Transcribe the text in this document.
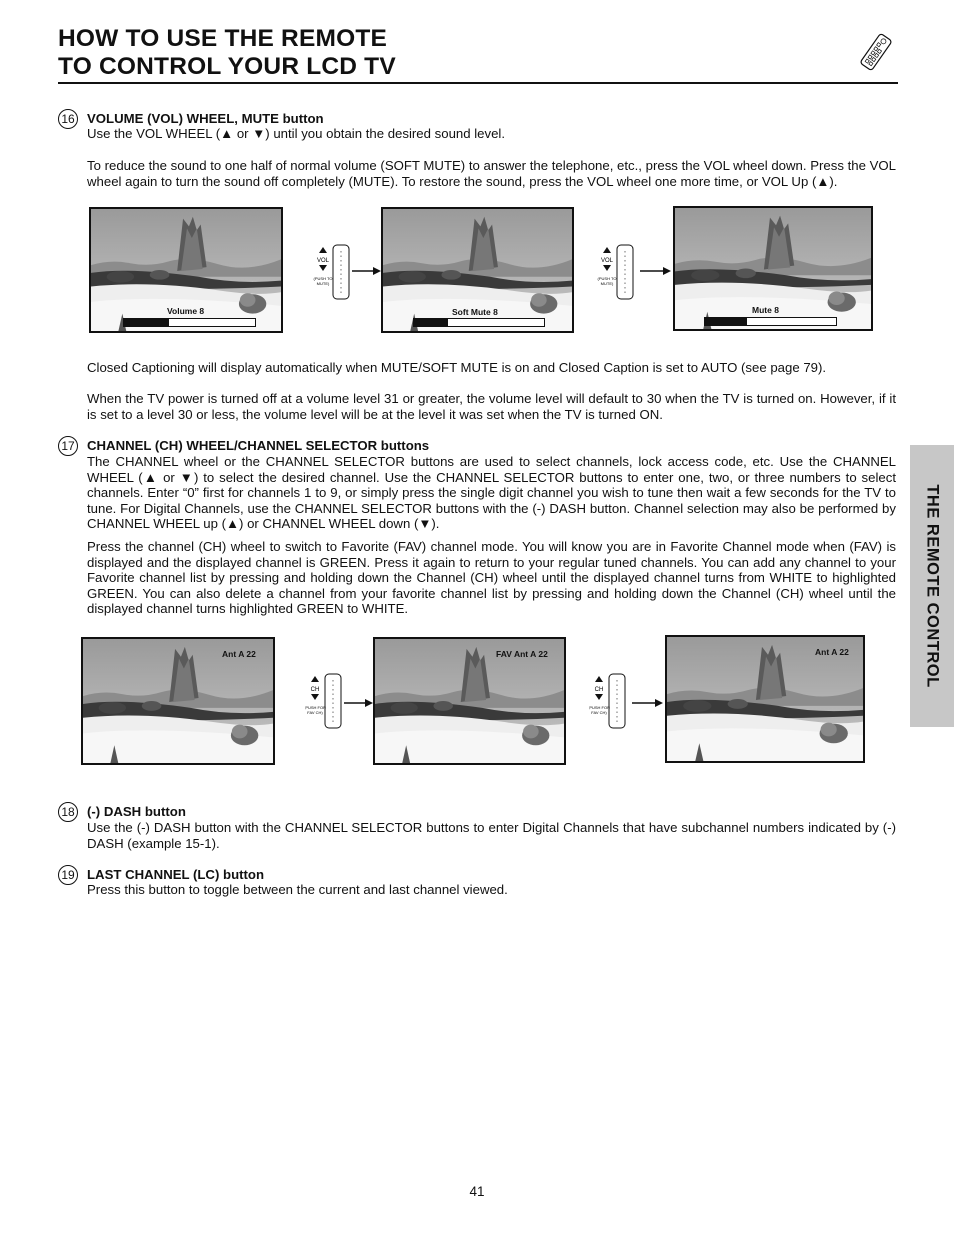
HOW TO USE THE REMOTE
TO CONTROL YOUR LCD TV
THE REMOTE CONTROL
16 VOLUME (VOL) WHEEL, MUTE button

Use the VOL WHEEL (▲ or ▼) until you obtain the desired sound level.

To reduce the sound to one half of normal volume (SOFT MUTE) to answer the telephone, etc., press the VOL wheel down. Press the VOL wheel again to turn the sound off completely (MUTE). To restore the sound, press the VOL wheel one more time, or VOL Up (▲).

Volume 8	Soft Mute 8	Mute 8

Closed Captioning will display automatically when MUTE/SOFT MUTE is on and Closed Caption is set to AUTO (see page 79).

When the TV power is turned off at a volume level 31 or greater, the volume level will default to 30 when the TV is turned on. However, if it is set to a level 30 or less, the volume level will be at the level it was set when the TV is turned ON.

17 CHANNEL (CH) WHEEL/CHANNEL SELECTOR buttons

The CHANNEL wheel or the CHANNEL SELECTOR buttons are used to select channels, lock access code, etc. Use the CHANNEL WHEEL (▲ or ▼) to select the desired channel. Use the CHANNEL SELECTOR buttons to enter one, two, or three numbers to select channels. Enter “0” first for channels 1 to 9, or simply press the single digit channel you wish to tune then wait a few seconds for the TV to tune. For Digital Channels, use the CHANNEL SELECTOR buttons with the (-) DASH button. Channel selection may also be performed by CHANNEL WHEEL up (▲) or CHANNEL WHEEL down (▼).

Press the channel (CH) wheel to switch to Favorite (FAV) channel mode. You will know you are in Favorite Channel mode when (FAV) is displayed and the displayed channel is GREEN. Press it again to return to your regular tuned channels. You can add any channel to your Favorite channel list by pressing and holding down the Channel (CH) wheel until the displayed channel turns from WHITE to highlighted GREEN. You can also delete a channel from your favorite channel list by pressing and holding down the Channel (CH) wheel until the displayed channel turns highlighted GREEN to WHITE.

Ant A 22	FAV Ant A 22	Ant A 22
18 (-) DASH button

Use the (-) DASH button with the CHANNEL SELECTOR buttons to enter Digital Channels that have subchannel numbers indicated by (-) DASH (example 15-1).

19 LAST CHANNEL (LC) button

Press this button to toggle between the current and last channel viewed.

41
